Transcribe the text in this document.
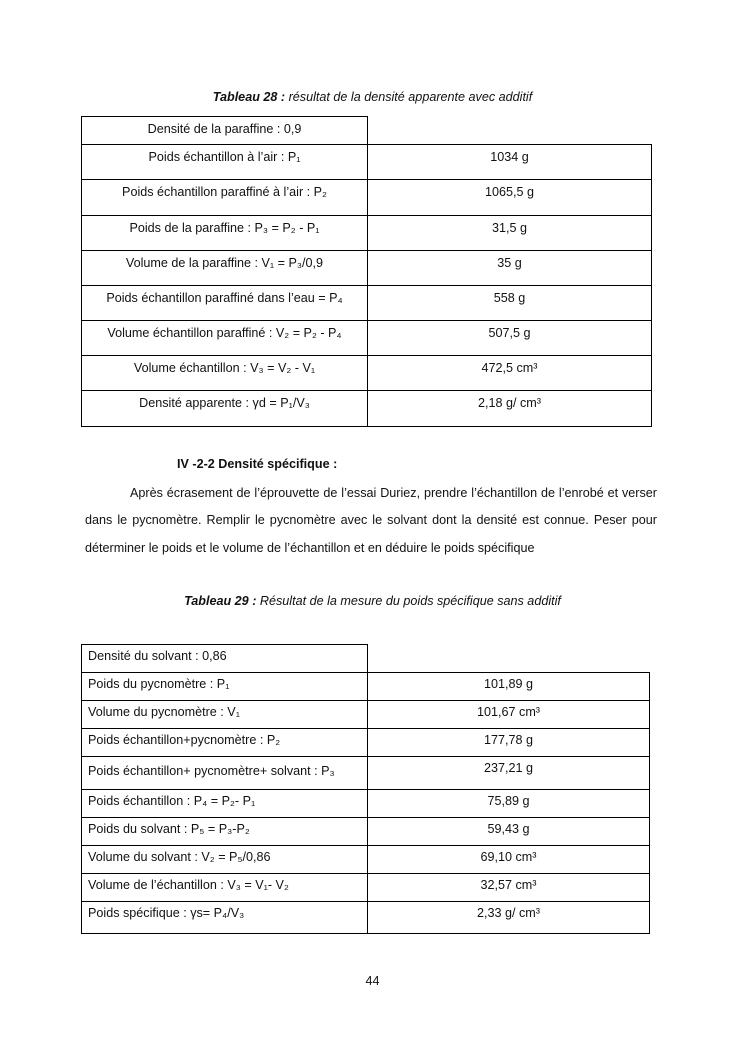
Tableau 28 : résultat de la densité apparente avec additif
Densité de la paraffine : 0,9	
Poids échantillon à l’air : P₁	1034 g
Poids échantillon paraffiné à l’air : P₂	1065,5 g
Poids de la paraffine : P₃ = P₂ - P₁	31,5 g
Volume de la paraffine : V₁ = P₃/0,9	35 g
Poids échantillon paraffiné dans l’eau = P₄	558 g
Volume échantillon paraffiné : V₂ = P₂ - P₄	507,5 g
Volume échantillon : V₃ = V₂ - V₁	472,5 cm³
Densité apparente : γd = P₁/V₃	2,18 g/ cm³
IV -2-2 Densité spécifique :
Après écrasement de l’éprouvette de l’essai Duriez, prendre l’échantillon de l’enrobé et verser dans le pycnomètre. Remplir le pycnomètre avec le solvant dont la densité est connue. Peser pour déterminer le poids et le volume de l’échantillon et en déduire le poids spécifique
Tableau 29 : Résultat de la mesure du poids spécifique sans additif
Densité du solvant : 0,86	
Poids du pycnomètre : P₁	101,89 g
Volume du pycnomètre : V₁	101,67 cm³
Poids échantillon+pycnomètre : P₂	177,78 g
Poids échantillon+ pycnomètre+ solvant : P₃	237,21 g
Poids échantillon : P₄ = P₂- P₁	75,89 g
Poids du solvant : P₅ = P₃-P₂	59,43 g
Volume du solvant : V₂ = P₅/0,86	69,10 cm³
Volume de l’échantillon : V₃ = V₁- V₂	32,57 cm³
Poids spécifique : γs= P₄/V₃	2,33 g/ cm³
44
